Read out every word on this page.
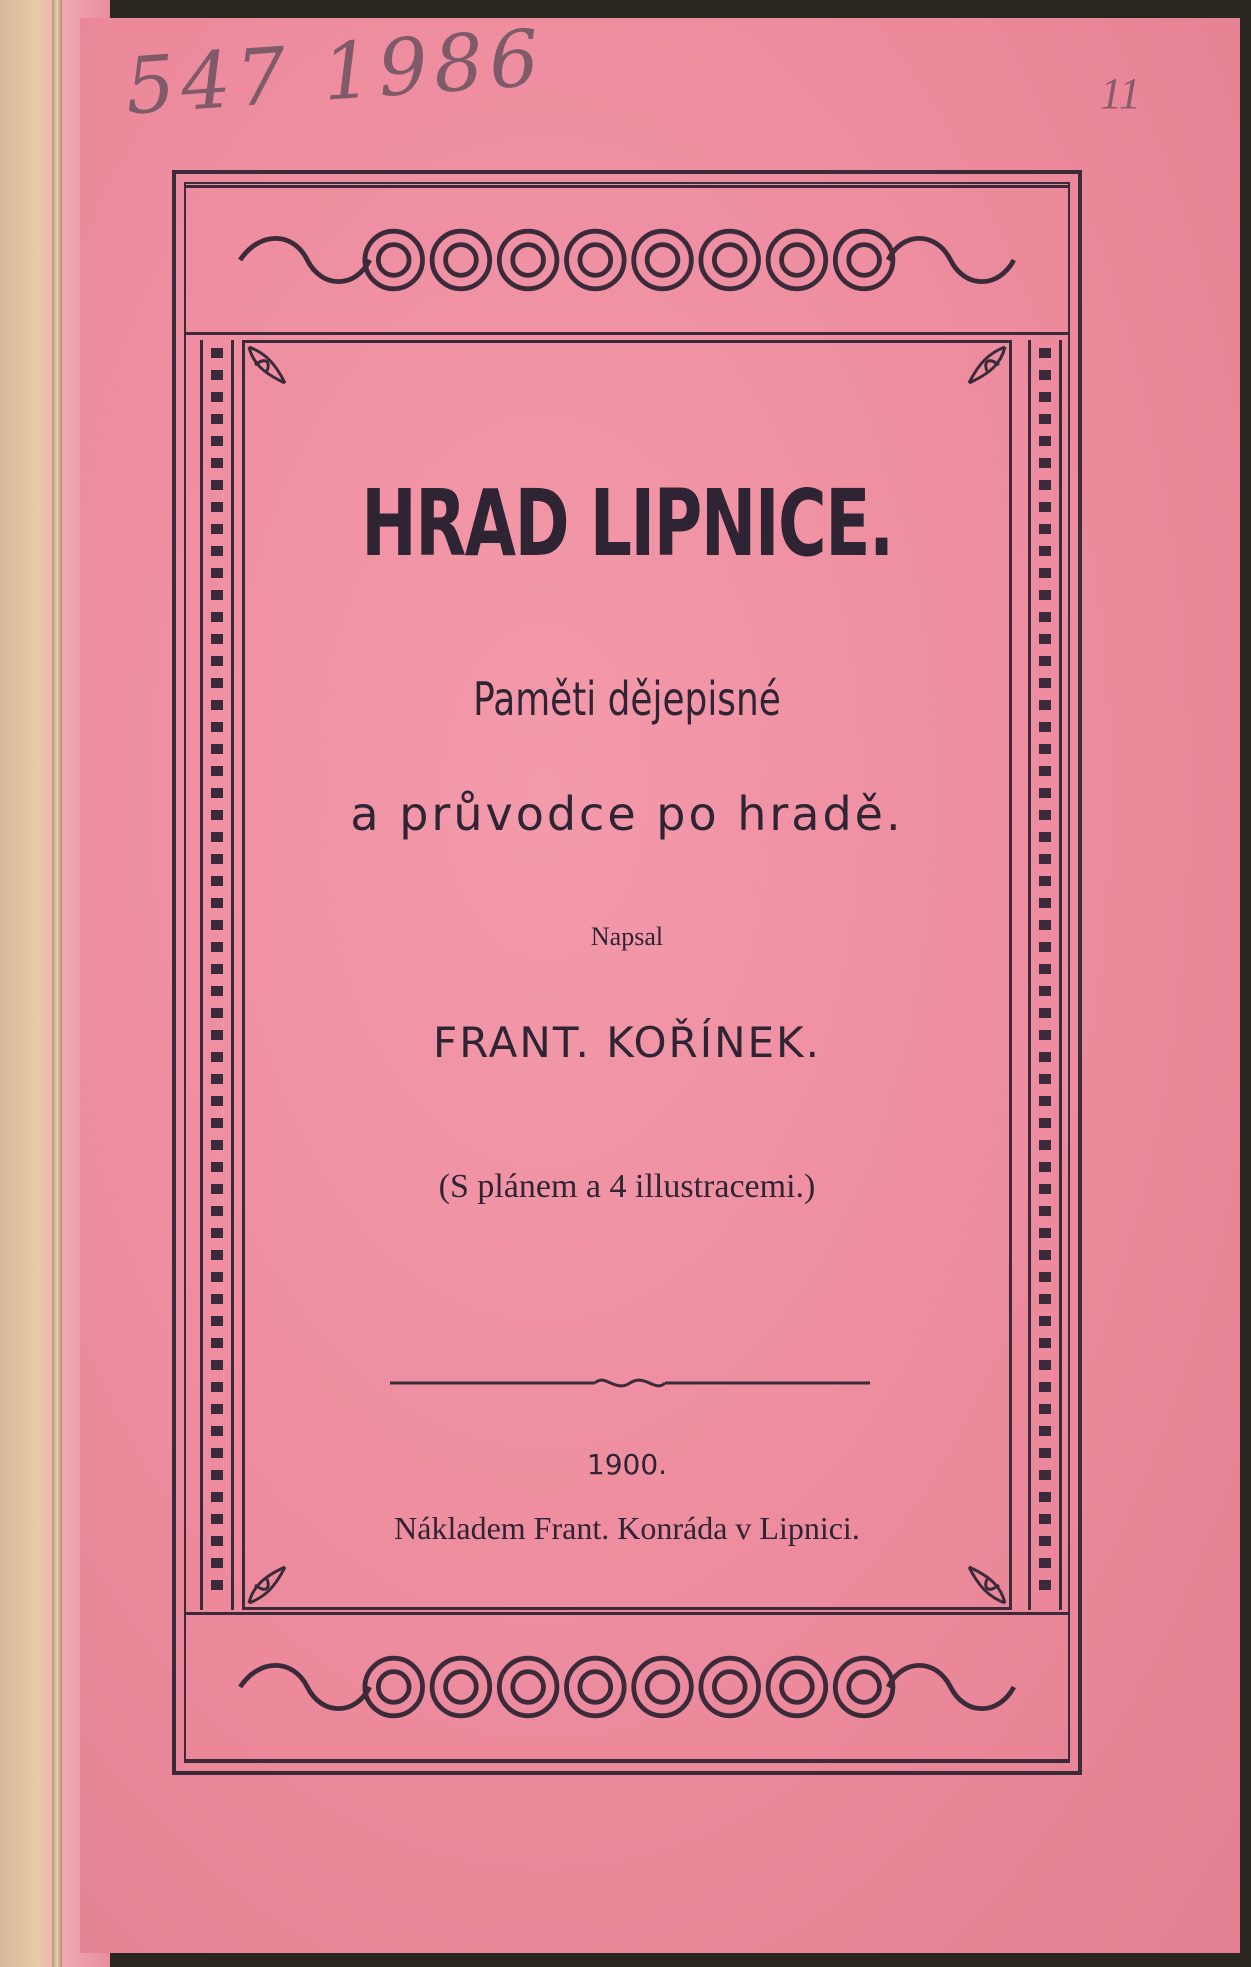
547 1986	11
HRAD LIPNICE.
Paměti dějepisné
a průvodce po hradě.
Napsal
FRANT. KOŘÍNEK.
(S plánem a 4 illustracemi.)
1900.
Nákladem Frant. Konráda v Lipnici.
